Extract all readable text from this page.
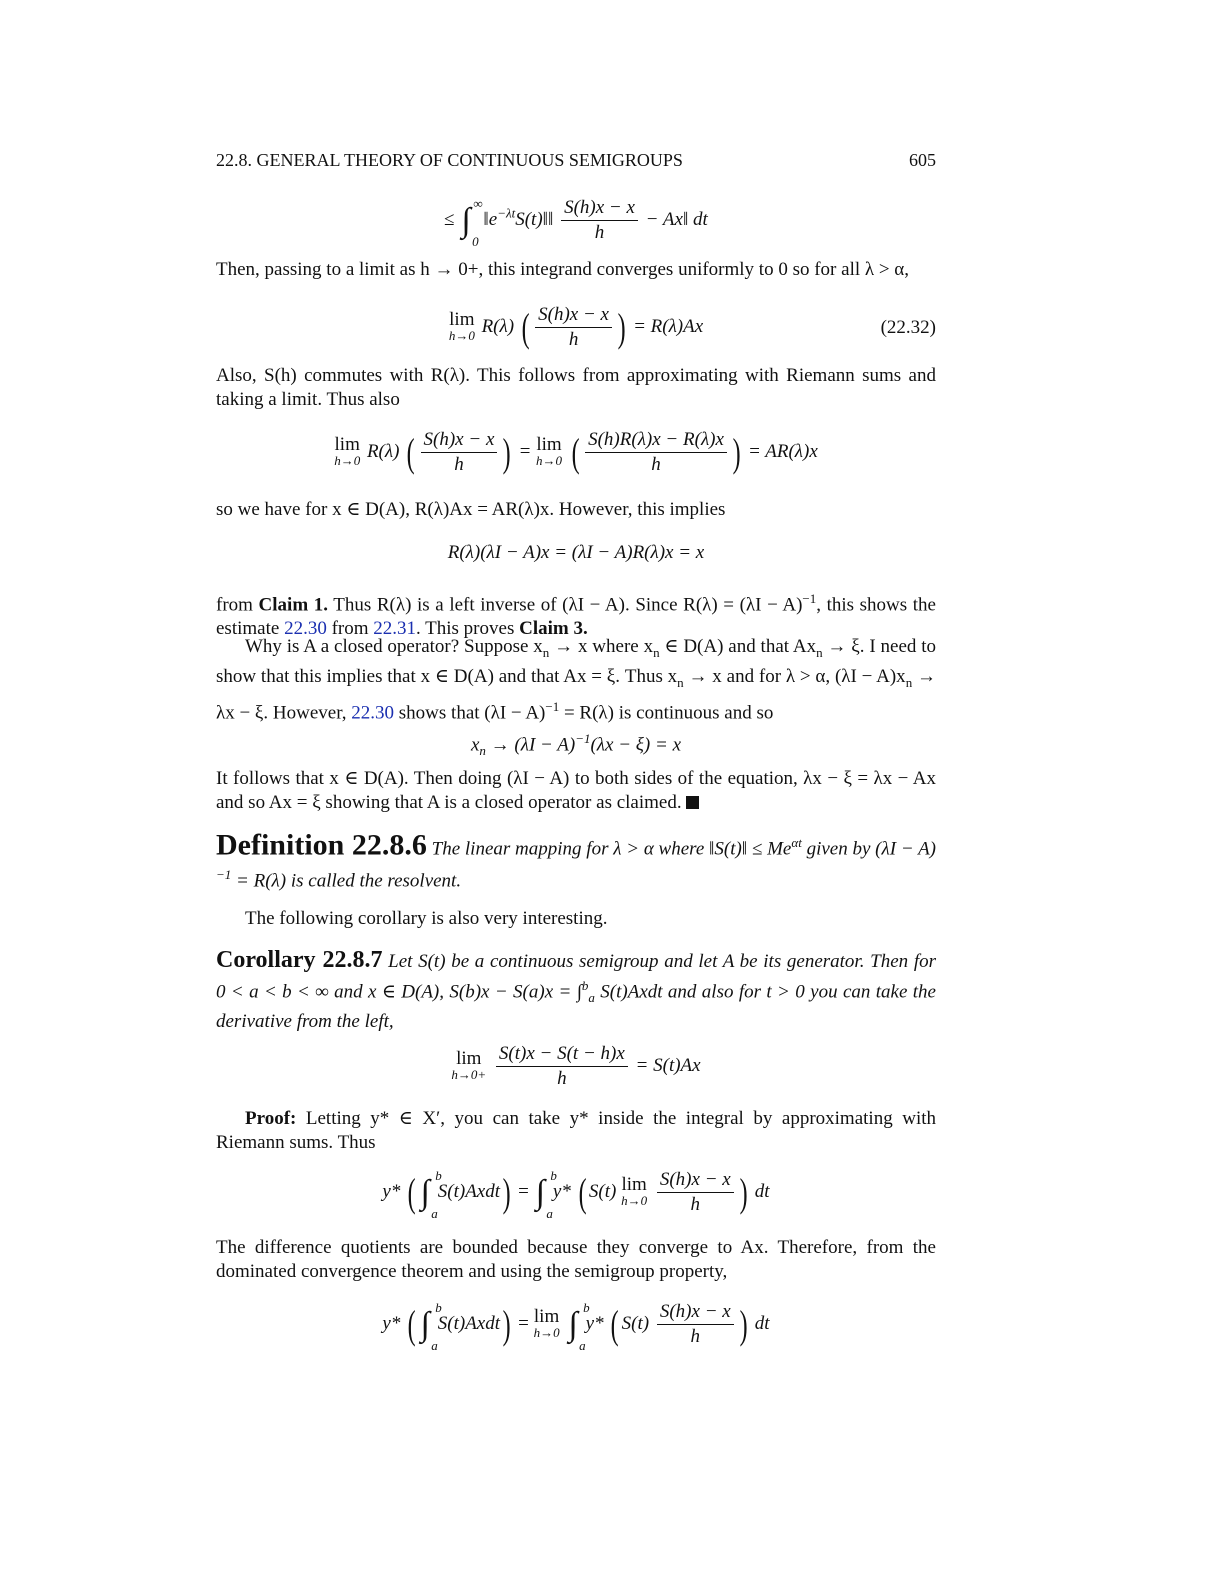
22.8. GENERAL THEORY OF CONTINUOUS SEMIGROUPS	605
≤ ∫ ∞
0
$‖e^{-\lambda t}S(t)‖‖ \frac{S(h)x - x}{h}$ − Ax‖ dt
Then, passing to a limit as h → 0+, this integrand converges uniformly to 0 so for all λ > α,
lim
h→0 R(λ) ( $\frac{S(h)x - x}{h}$ ) = R(λ)Ax	(22.32)
Also, S(h) commutes with R(λ). This follows from approximating with Riemann sums and taking a limit. Thus also
lim
h→0 R(λ) ( $\frac{S(h)x - x}{h}$ ) = lim
h→0 ( $\frac{S(h)R(\lambda)x - R(\lambda)x}{h}$ ) = AR(λ)x
so we have for x ∈ D(A), R(λ)Ax = AR(λ)x. However, this implies
R(λ)(λI − A)x = (λI − A)R(λ)x = x
from Claim 1. Thus R(λ) is a left inverse of (λI − A). Since $R(\lambda) = (\lambda I - A)^{-1}$, this shows the estimate 22.30 from 22.31. This proves Claim 3.
Why is A a closed operator? Suppose $x_n \to x$ where $x_n$ ∈ D(A) and that $Ax_n \to \xi$. I need to show that this implies that x ∈ D(A) and that Ax = ξ. Thus $x_n \to x$ and for λ > α, $(\lambda I - A)x_n \to \lambda x - \xi$. However, 22.30 shows that $(\lambda I - A)^{-1} = R(\lambda)$ is continuous and so
$x_n \to (\lambda I - A)^{-1}(\lambda x - \xi) = x$
It follows that x ∈ D(A). Then doing (λI − A) to both sides of the equation, λx − ξ = λx − Ax and so Ax = ξ showing that A is a closed operator as claimed.
Definition 22.8.6 The linear mapping for λ > α where ‖S(t)‖ ≤ $Me^{\alpha t}$ given by $(\lambda I - A)^{-1} = R(\lambda)$ is called the resolvent.
The following corollary is also very interesting.
Corollary 22.8.7 Let S(t) be a continuous semigroup and let A be its generator. Then for 0 < a < b < ∞ and x ∈ D(A), S(b)x − S(a)x = ∫$^b_a$ S(t)Axdt and also for t > 0 you can take the derivative from the left,
lim
h→0+
$\frac{S(t)x - S(t - h)x}{h} = S(t)Ax$
Proof: Letting y* ∈ X′, you can take y* inside the integral by approximating with Riemann sums. Thus
y* ( ∫ b
a
S(t)Axdt) = ∫ b
a
y* ( S(t) lim
h→0
$\frac{S(h)x - x}{h}$ ) dt
The difference quotients are bounded because they converge to Ax. Therefore, from the dominated convergence theorem and using the semigroup property,
y* ( ∫ b
a
S(t)Axdt) = lim
h→0 ∫ b
a
y* ( $S(t) \frac{S(h)x - x}{h}$ ) dt
